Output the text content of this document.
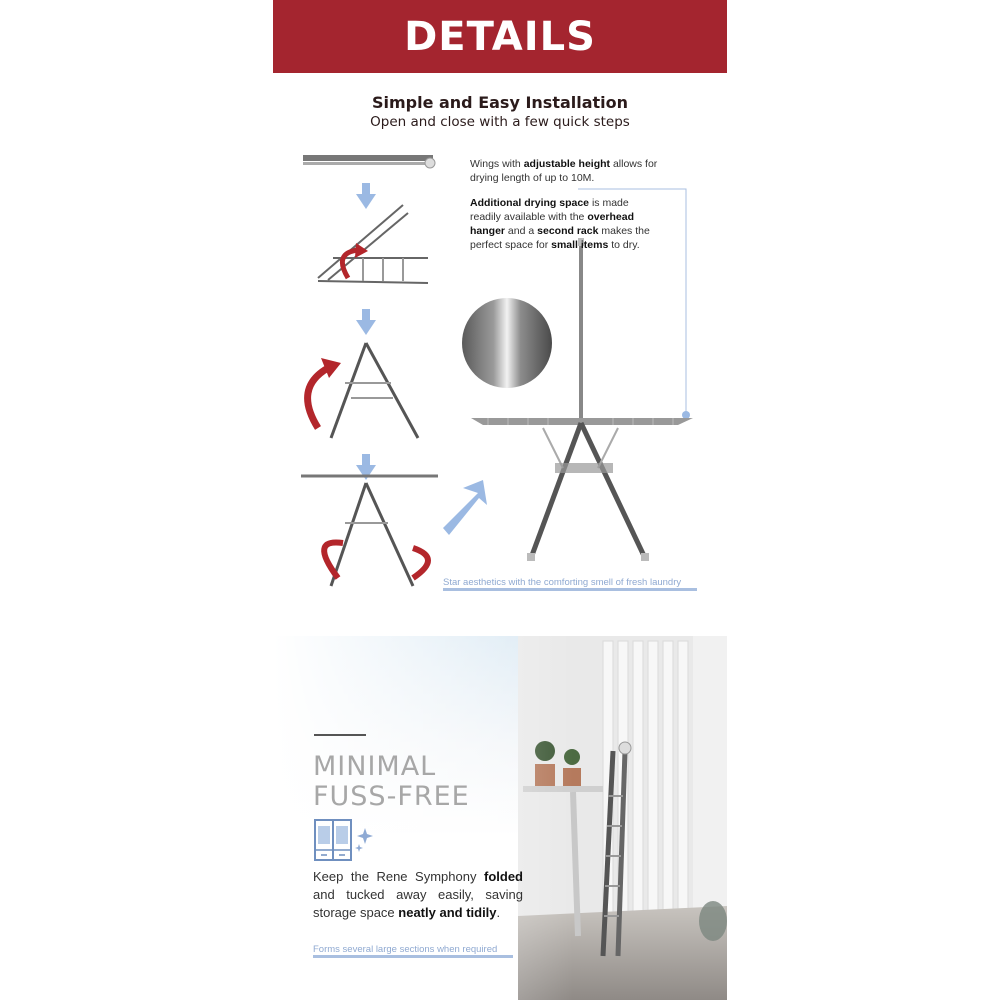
DETAILS
Simple and Easy Installation
Open and close with a few quick steps
Wings with adjustable height allows for drying length of up to 10M.
Additional drying space is made readily available with the overhead hanger and a second rack makes the perfect space for small items to dry.
Star aesthetics with the comforting smell of fresh laundry
MINIMAL
FUSS-FREE
Keep the Rene Symphony folded and tucked away easily, saving storage space neatly and tidily.
Forms several large sections when required
